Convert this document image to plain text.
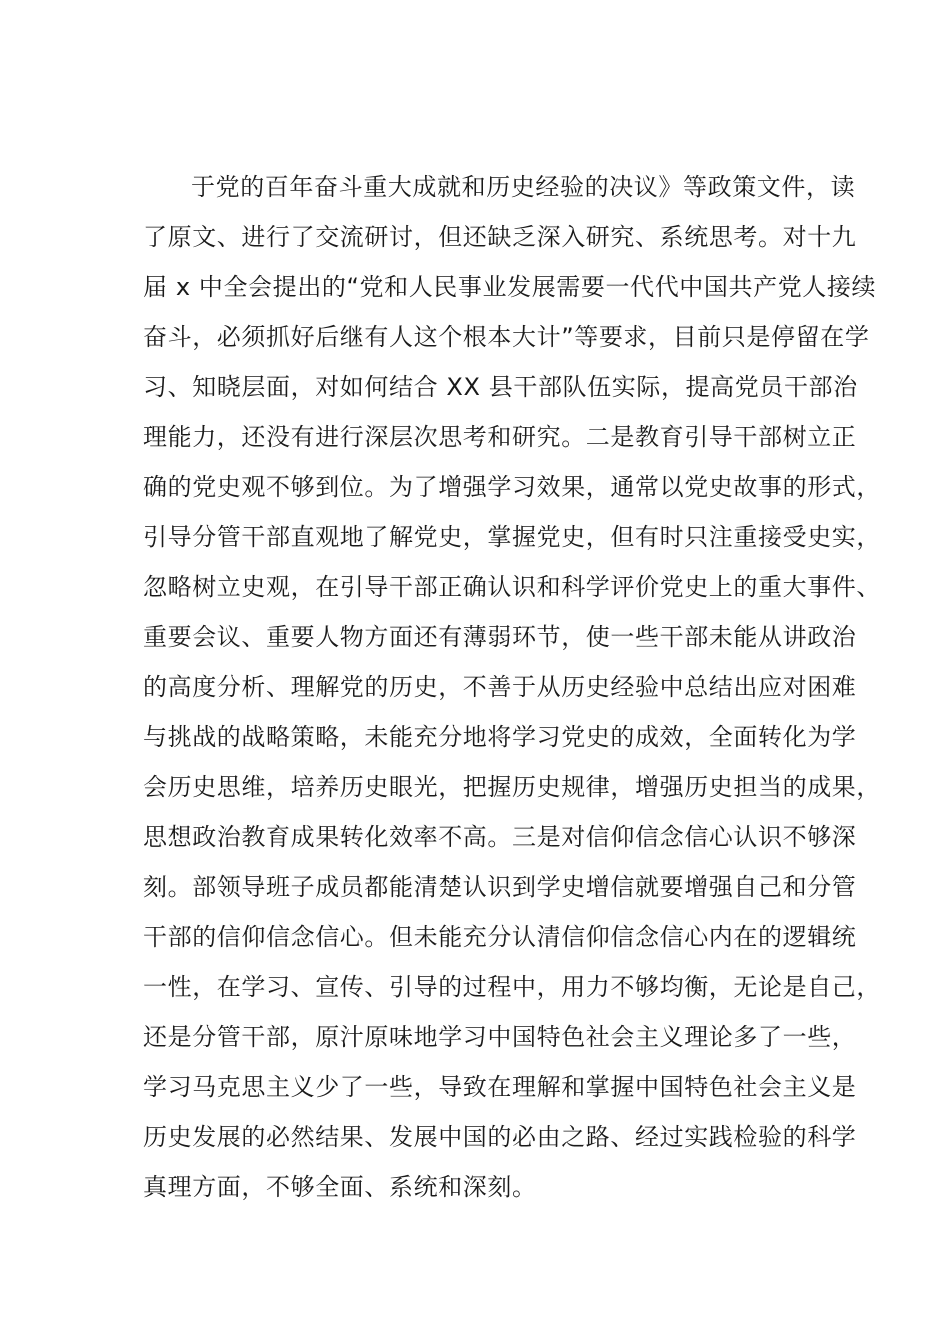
于党的百年奋斗重大成就和历史经验的决议》等政策文件，读
了原文、进行了交流研讨，但还缺乏深入研究、系统思考。对十九
届 x 中全会提出的“党和人民事业发展需要一代代中国共产党人接续
奋斗，必须抓好后继有人这个根本大计”等要求，目前只是停留在学
习、知晓层面，对如何结合 XX 县干部队伍实际，提高党员干部治
理能力，还没有进行深层次思考和研究。二是教育引导干部树立正
确的党史观不够到位。为了增强学习效果，通常以党史故事的形式，
引导分管干部直观地了解党史，掌握党史，但有时只注重接受史实，
忽略树立史观，在引导干部正确认识和科学评价党史上的重大事件、
重要会议、重要人物方面还有薄弱环节，使一些干部未能从讲政治
的高度分析、理解党的历史，不善于从历史经验中总结出应对困难
与挑战的战略策略，未能充分地将学习党史的成效，全面转化为学
会历史思维，培养历史眼光，把握历史规律，增强历史担当的成果，
思想政治教育成果转化效率不高。三是对信仰信念信心认识不够深
刻。部领导班子成员都能清楚认识到学史增信就要增强自己和分管
干部的信仰信念信心。但未能充分认清信仰信念信心内在的逻辑统
一性，在学习、宣传、引导的过程中，用力不够均衡，无论是自己，
还是分管干部，原汁原味地学习中国特色社会主义理论多了一些，
学习马克思主义少了一些，导致在理解和掌握中国特色社会主义是
历史发展的必然结果、发展中国的必由之路、经过实践检验的科学
真理方面，不够全面、系统和深刻。
